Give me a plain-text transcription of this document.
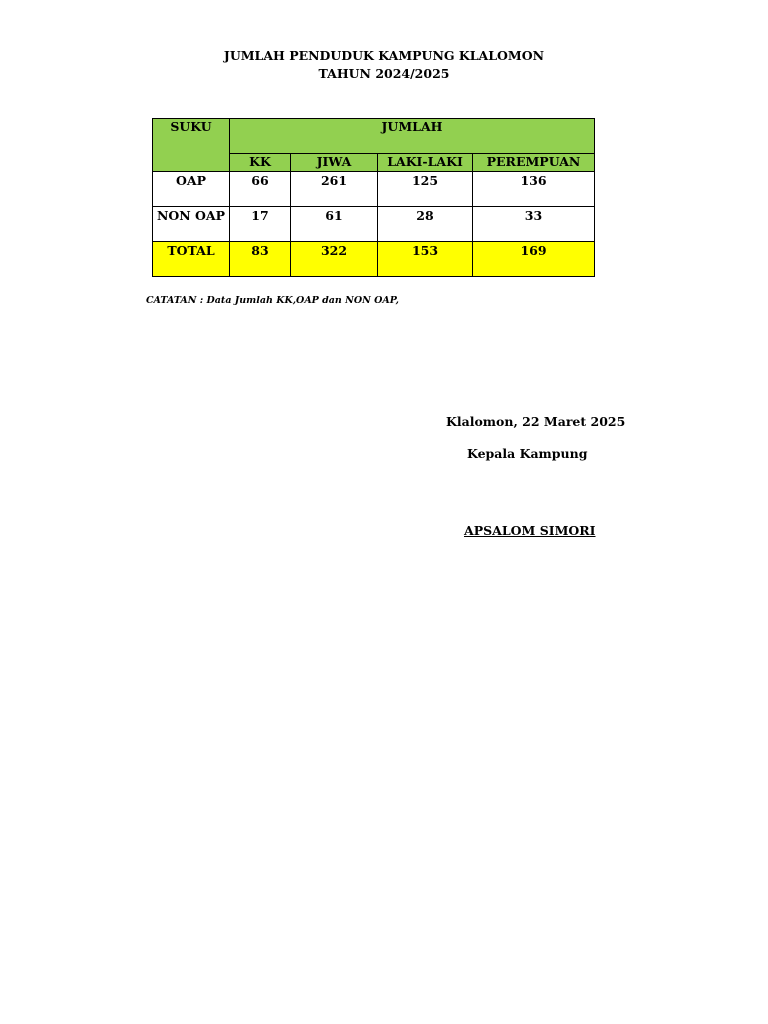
JUMLAH PENDUDUK KAMPUNG KLALOMON
TAHUN 2024/2025
SUKU	JUMLAH			
	KK	JIWA	LAKI-LAKI	PEREMPUAN
OAP	66	261	125	136
NON OAP	17	61	28	33
TOTAL	83	322	153	169
CATATAN : Data Jumlah KK,OAP dan NON OAP,
Klalomon, 22 Maret 2025
Kepala Kampung
APSALOM SIMORI
